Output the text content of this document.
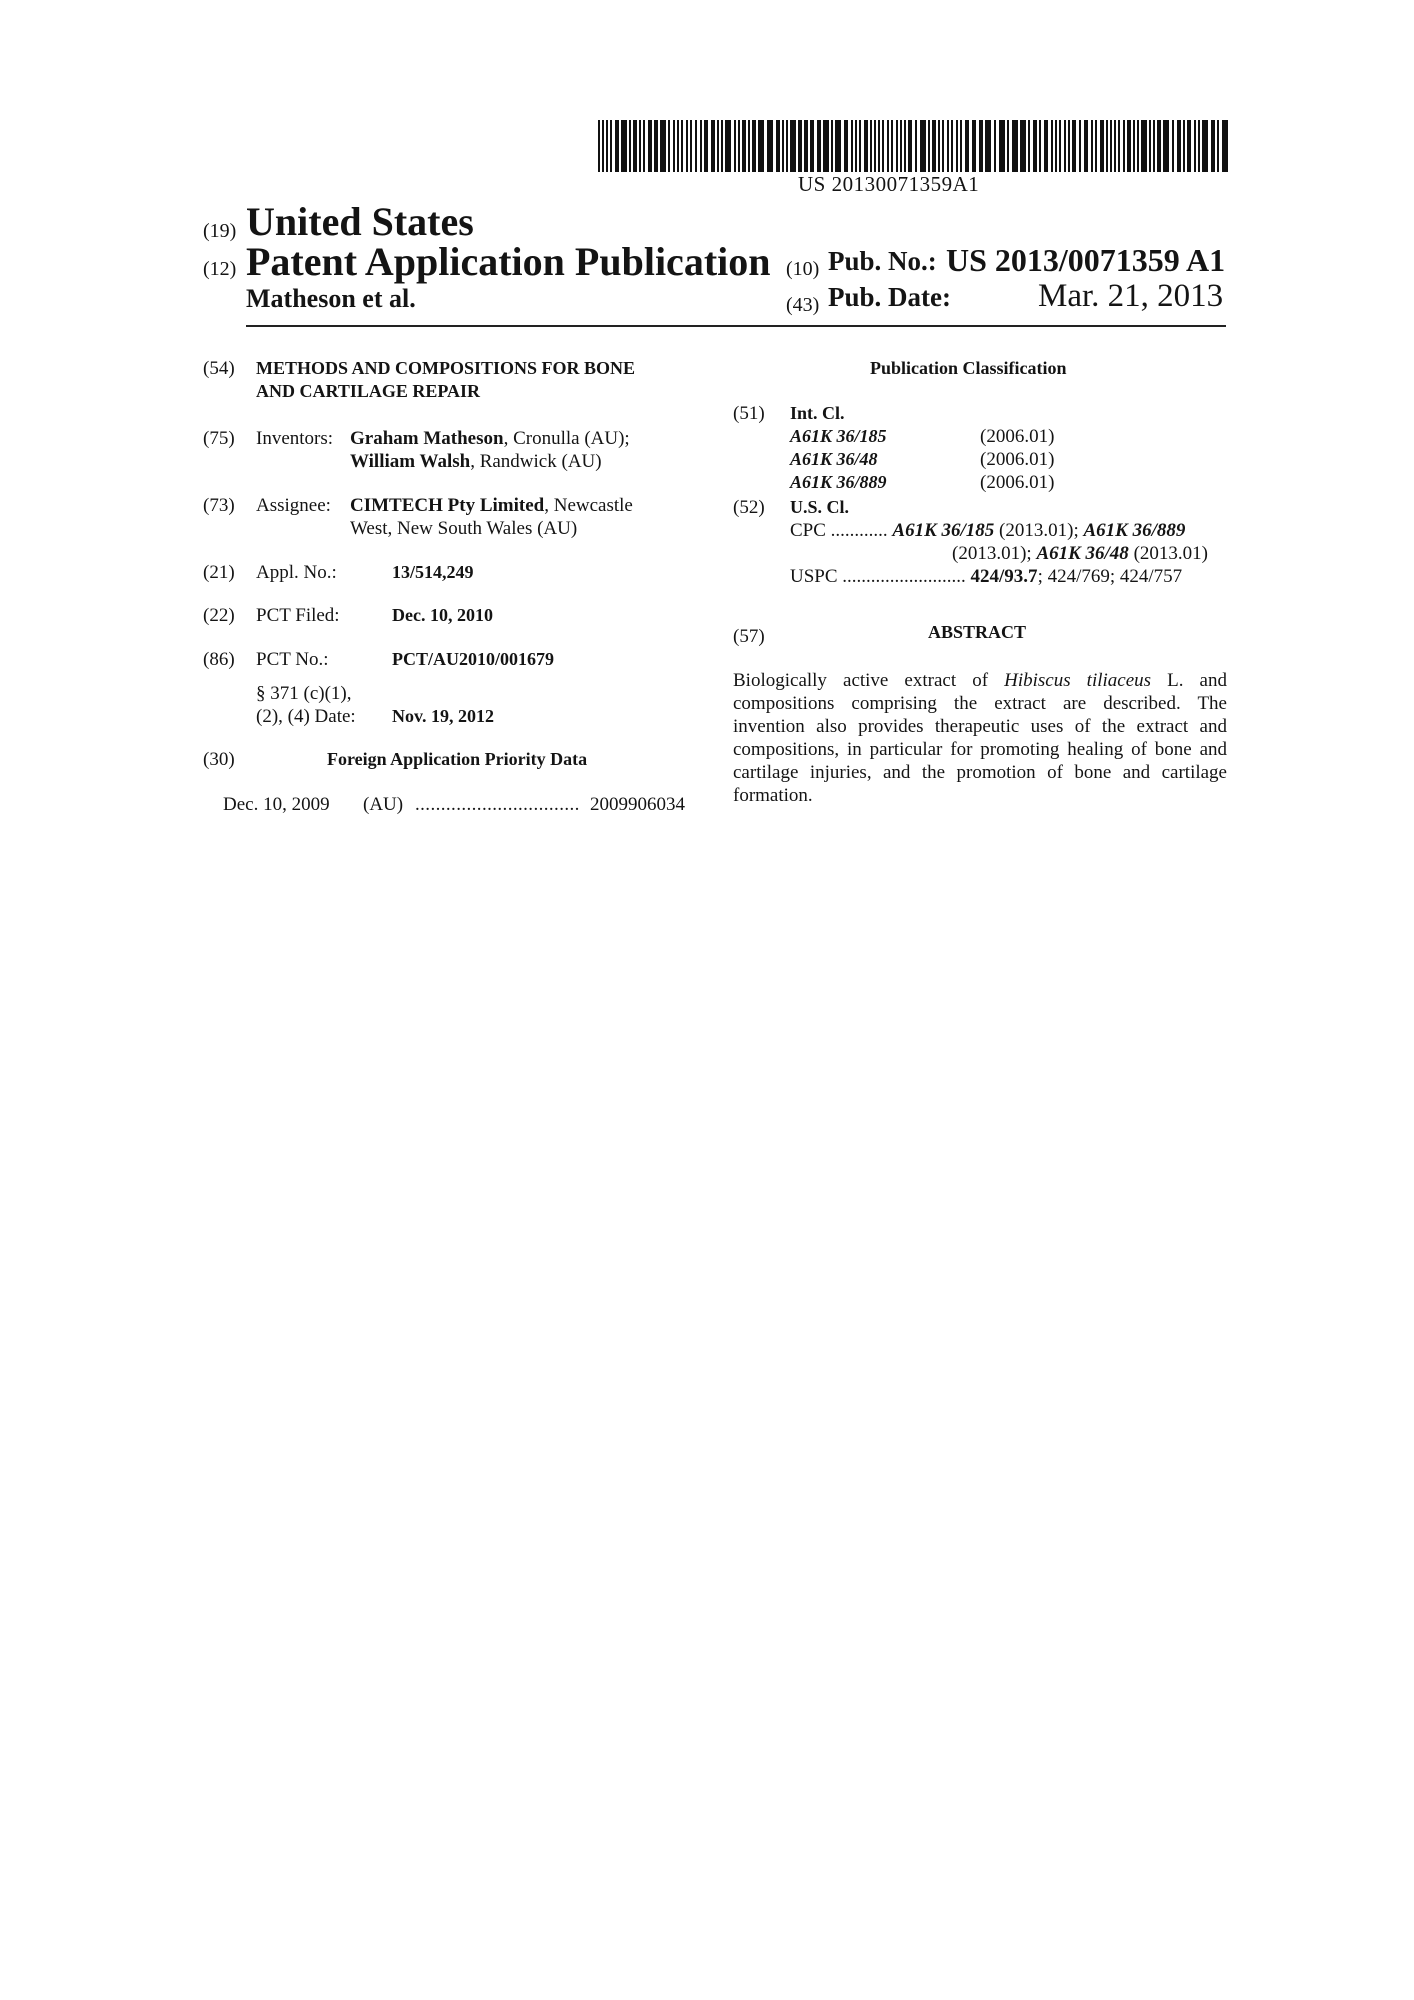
US 20130071359A1
(19) United States
(12) Patent Application Publication
Matheson et al.
(10) Pub. No.: US 2013/0071359 A1
(43) Pub. Date:	Mar. 21, 2013
(54) METHODS AND COMPOSITIONS FOR BONE
AND CARTILAGE REPAIR
(75) Inventors: Graham Matheson, Cronulla (AU);
William Walsh, Randwick (AU)
(73) Assignee: CIMTECH Pty Limited, Newcastle
West, New South Wales (AU)
(21) Appl. No.:	13/514,249
(22) PCT Filed:	Dec. 10, 2010
(86) PCT No.:	PCT/AU2010/001679
§ 371 (c)(1),
(2), (4) Date: Nov. 19, 2012
(30)	Foreign Application Priority Data
Dec. 10, 2009 (AU) ................................ 2009906034
Publication Classification
(51) Int. Cl.
A61K 36/185	(2006.01)
A61K 36/48	(2006.01)
A61K 36/889	(2006.01)
(52) U.S. Cl.
CPC ............ A61K 36/185 (2013.01); A61K 36/889
(2013.01); A61K 36/48 (2013.01)
USPC .......................... 424/93.7; 424/769; 424/757
(57)	ABSTRACT
Biologically active extract of Hibiscus tiliaceus L. and compositions comprising the extract are described. The invention also provides therapeutic uses of the extract and compositions, in particular for promoting healing of bone and cartilage injuries, and the promotion of bone and cartilage formation.
